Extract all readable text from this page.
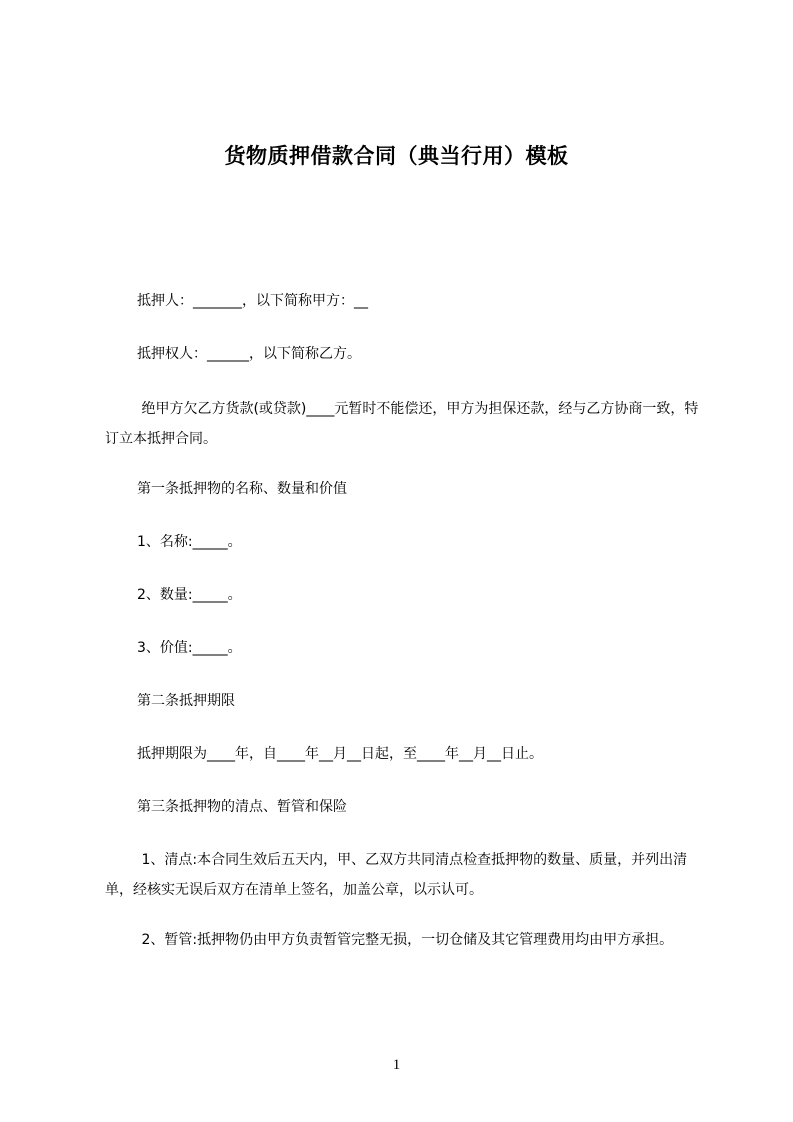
货物质押借款合同（典当行用）模板
抵押人：_______，以下简称甲方：__
抵押权人：______，以下简称乙方。
绝甲方欠乙方货款(或贷款)____元暂时不能偿还，甲方为担保还款，经与乙方协商一致，特订立本抵押合同。
第一条抵押物的名称、数量和价值
1、名称:_____。
2、数量:_____。
3、价值:_____。
第二条抵押期限
抵押期限为____年，自____年__月__日起，至____年__月__日止。
第三条抵押物的清点、暂管和保险
1、清点:本合同生效后五天内，甲、乙双方共同清点检查抵押物的数量、质量，并列出清单，经核实无误后双方在清单上签名，加盖公章，以示认可。
2、暂管:抵押物仍由甲方负责暂管完整无损，一切仓储及其它管理费用均由甲方承担。
1
